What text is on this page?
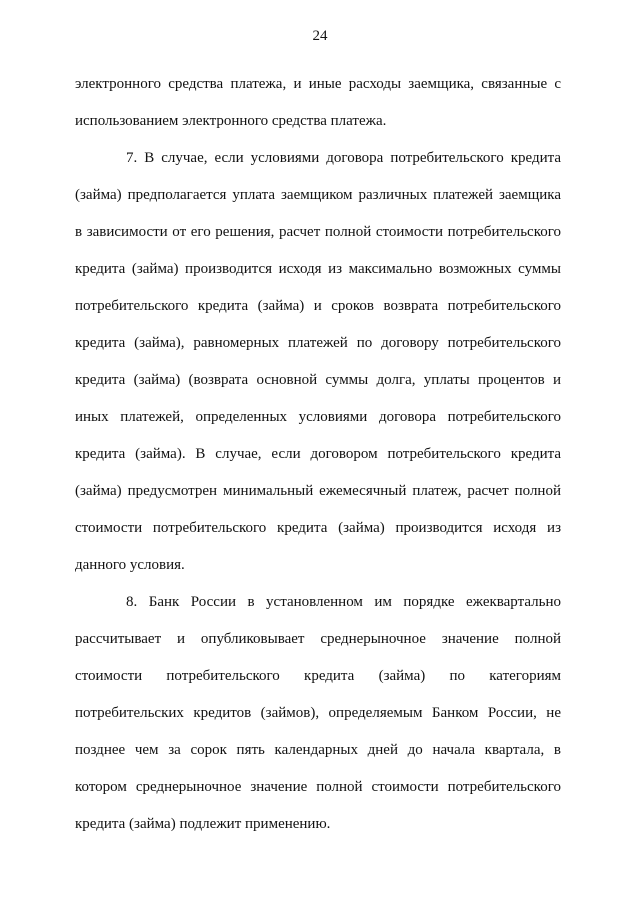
24
электронного средства платежа, и иные расходы заемщика, связанные с
использованием электронного средства платежа.
7. В случае, если условиями договора потребительского кредита
(займа) предполагается уплата заемщиком различных платежей заемщика
в зависимости от его решения, расчет полной стоимости потребительского
кредита (займа) производится исходя из максимально возможных суммы
потребительского кредита (займа) и сроков возврата потребительского
кредита (займа), равномерных платежей по договору потребительского
кредита (займа) (возврата основной суммы долга, уплаты процентов и
иных платежей, определенных условиями договора потребительского
кредита (займа). В случае, если договором потребительского кредита
(займа) предусмотрен минимальный ежемесячный платеж, расчет полной
стоимости потребительского кредита (займа) производится исходя из
данного условия.
8. Банк России в установленном им порядке ежеквартально
рассчитывает и опубликовывает среднерыночное значение полной
стоимости потребительского кредита (займа) по категориям
потребительских кредитов (займов), определяемым Банком России, не
позднее чем за сорок пять календарных дней до начала квартала, в
котором среднерыночное значение полной стоимости потребительского
кредита (займа) подлежит применению.
